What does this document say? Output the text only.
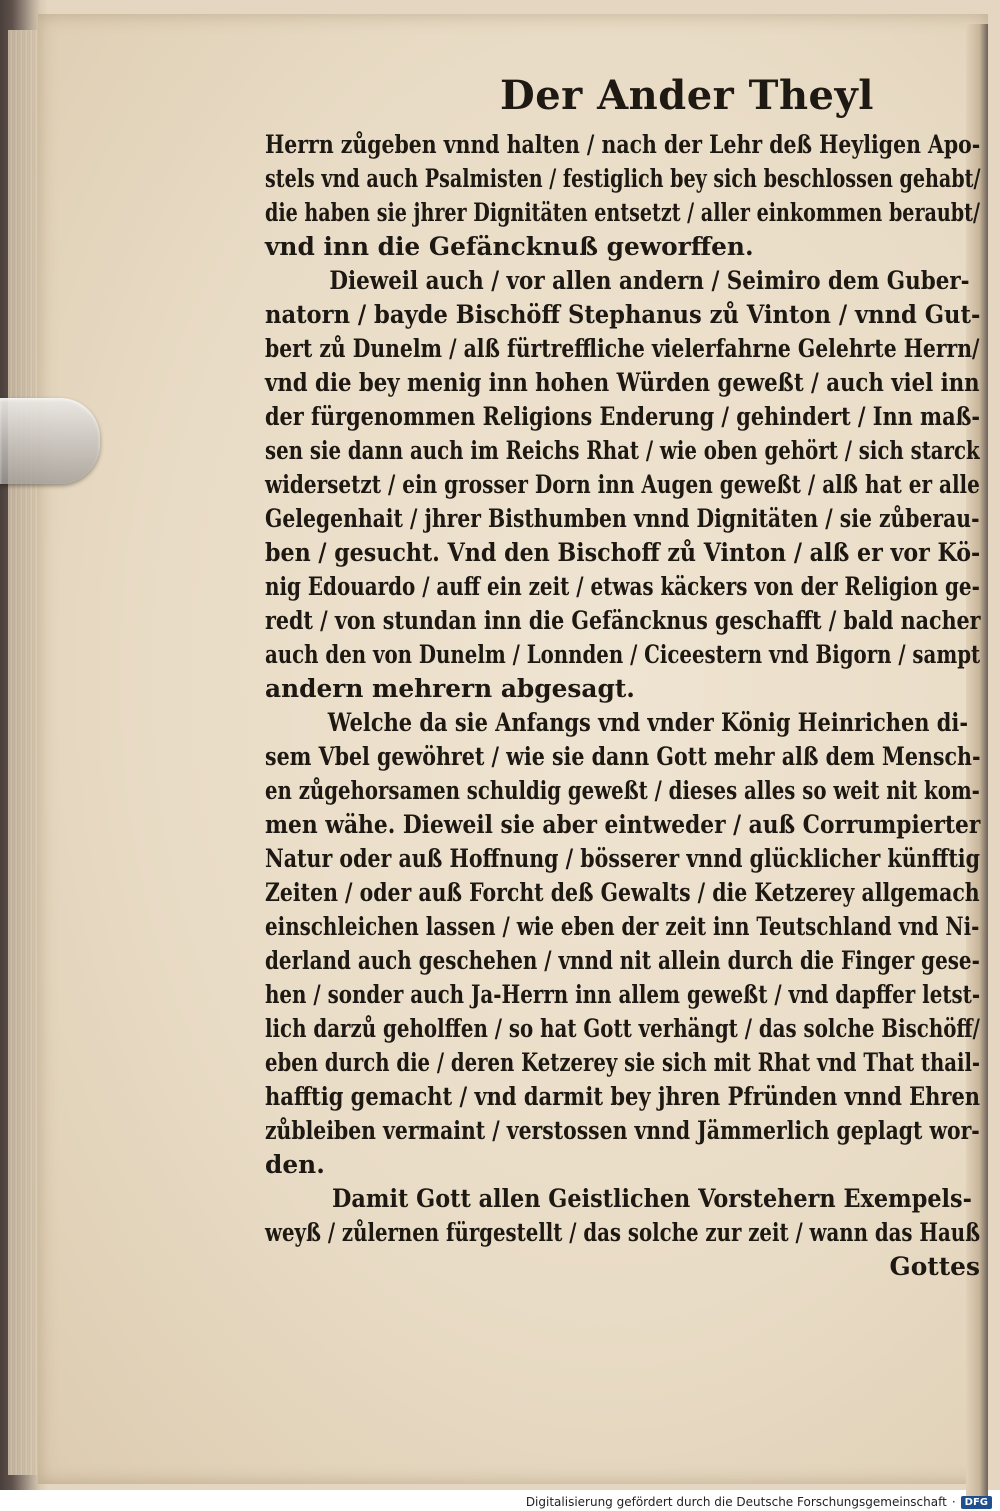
Der Ander Theyl
Herrn zůgeben vnnd halten / nach der Lehr deß Heyligen Apo-
stels vnd auch Psalmisten / festiglich bey sich beschlossen gehabt/
die haben sie jhrer Dignitäten entsetzt / aller einkommen beraubt/
vnd inn die Gefäncknuß geworffen.
Dieweil auch / vor allen andern / Seimiro dem Guber-
natorn / bayde Bischöff Stephanus zů Vinton / vnnd Gut-
bert zů Dunelm / alß fürtreffliche vielerfahrne Gelehrte Herrn/
vnd die bey menig inn hohen Würden geweßt / auch viel inn
der fürgenommen Religions Enderung / gehindert / Inn maß-
sen sie dann auch im Reichs Rhat / wie oben gehört / sich starck
widersetzt / ein grosser Dorn inn Augen geweßt / alß hat er alle
Gelegenhait / jhrer Bisthumben vnnd Dignitäten / sie zůberau-
ben / gesucht. Vnd den Bischoff zů Vinton / alß er vor Kö-
nig Edouardo / auff ein zeit / etwas käckers von der Religion ge-
redt / von stundan inn die Gefäncknus geschafft / bald nacher
auch den von Dunelm / Lonnden / Ciceestern vnd Bigorn / sampt
andern mehrern abgesagt.
Welche da sie Anfangs vnd vnder König Heinrichen di-
sem Vbel gewöhret / wie sie dann Gott mehr alß dem Mensch-
en zůgehorsamen schuldig geweßt / dieses alles so weit nit kom-
men wähe. Dieweil sie aber eintweder / auß Corrumpierter
Natur oder auß Hoffnung / bösserer vnnd glücklicher künfftig
Zeiten / oder auß Forcht deß Gewalts / die Ketzerey allgemach
einschleichen lassen / wie eben der zeit inn Teutschland vnd Ni-
derland auch geschehen / vnnd nit allein durch die Finger gese-
hen / sonder auch Ja-Herrn inn allem geweßt / vnd dapffer letst-
lich darzů geholffen / so hat Gott verhängt / das solche Bischöff/
eben durch die / deren Ketzerey sie sich mit Rhat vnd That thail-
hafftig gemacht / vnd darmit bey jhren Pfründen vnnd Ehren
zůbleiben vermaint / verstossen vnnd Jämmerlich geplagt wor-
den.
Damit Gott allen Geistlichen Vorstehern Exempels-
weyß / zůlernen fürgestellt / das solche zur zeit / wann das Hauß
Gottes
Digitalisierung gefördert durch die Deutsche Forschungsgemeinschaft · DFG
